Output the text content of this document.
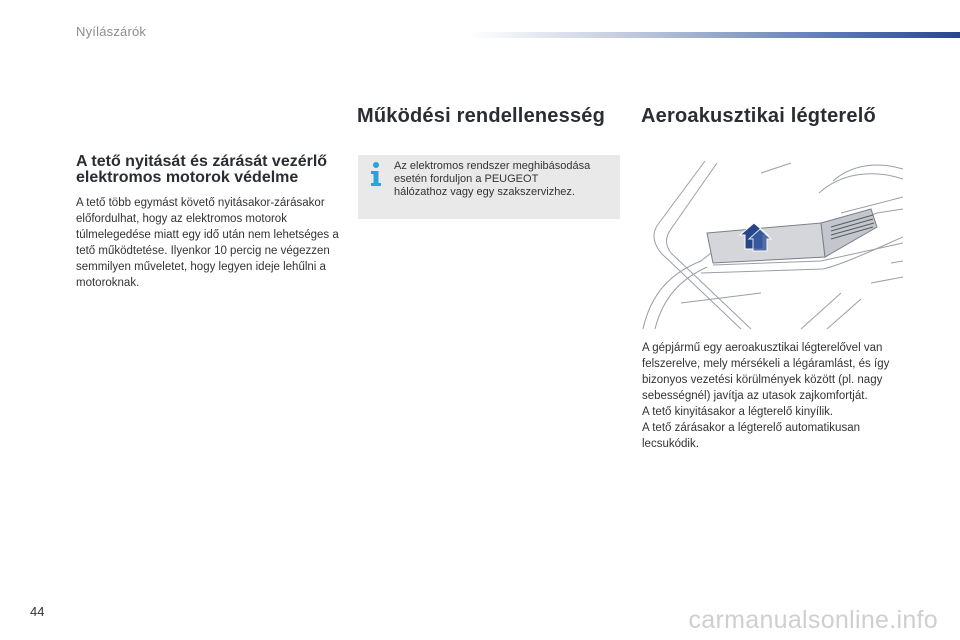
Nyílászárók
Működési rendellenesség Aeroakusztikai légterelő
A tető nyitását és zárását vezérlő elektromos motorok védelme

A tető több egymást követő nyitásakor-zárásakor előfordulhat, hogy az elektromos motorok túlmelegedése miatt egy idő után nem lehetséges a tető működtetése. Ilyenkor 10 percig ne végezzen semmilyen műveletet, hogy legyen ideje lehűlni a motoroknak.

Az elektromos rendszer meghibásodása esetén forduljon a PEUGEOT hálózathoz vagy egy szakszervizhez.

A gépjármű egy aeroakusztikai légterelővel van felszerelve, mely mérsékeli a légáramlást, és így bizonyos vezetési körülmények között (pl. nagy sebességnél) javítja az utasok zajkomfortját.

A tető kinyitásakor a légterelő kinyílik.

A tető zárásakor a légterelő automatikusan lecsukódik.

44	carmanualsonline.info
